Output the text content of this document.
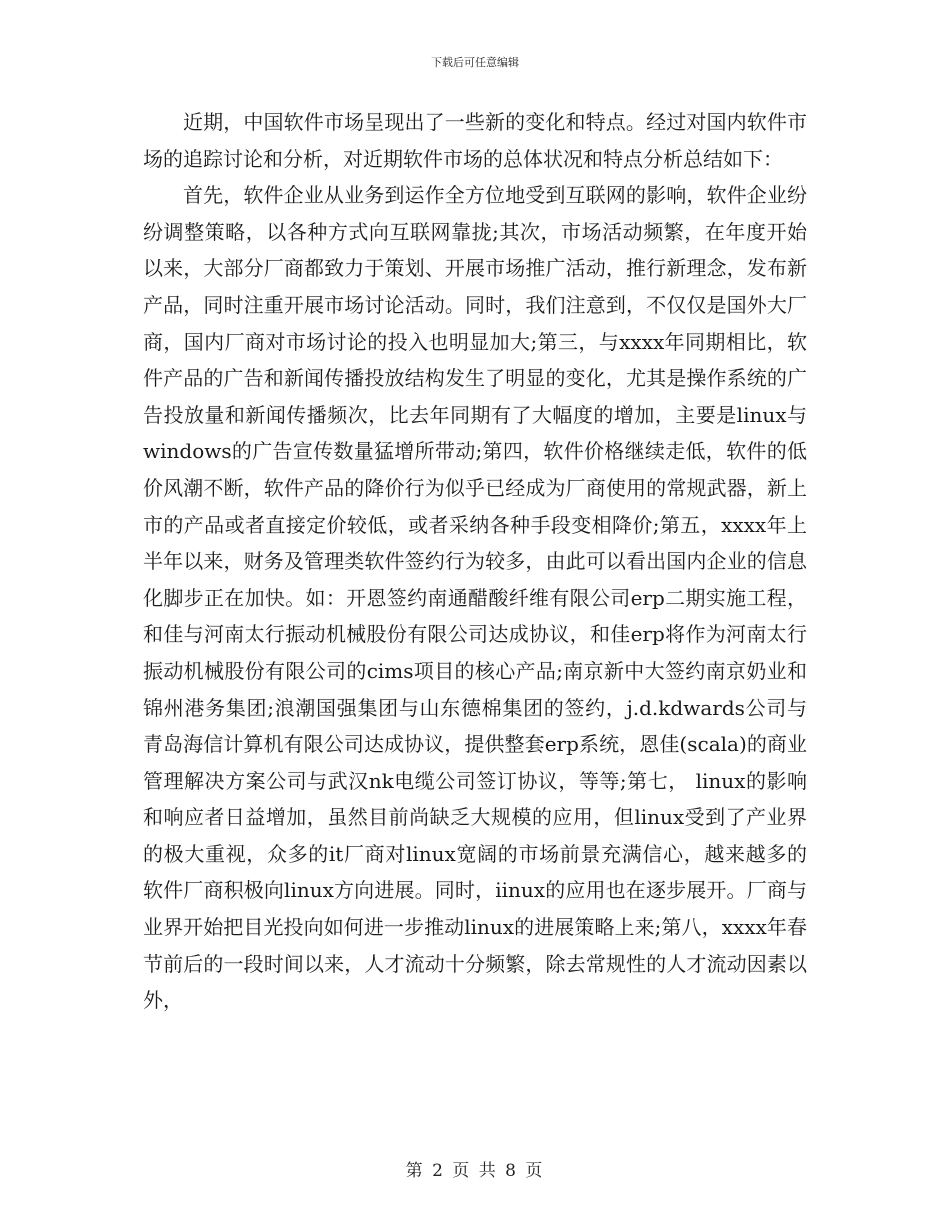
下载后可任意编辑

近期，中国软件市场呈现出了一些新的变化和特点。经过对国内软件市场的追踪讨论和分析，对近期软件市场的总体状况和特点分析总结如下：

首先，软件企业从业务到运作全方位地受到互联网的影响，软件企业纷纷调整策略，以各种方式向互联网靠拢;其次，市场活动频繁，在年度开始以来，大部分厂商都致力于策划、开展市场推广活动，推行新理念，发布新产品，同时注重开展市场讨论活动。同时，我们注意到，不仅仅是国外大厂商，国内厂商对市场讨论的投入也明显加大;第三，与xxxx年同期相比，软件产品的广告和新闻传播投放结构发生了明显的变化，尤其是操作系统的广告投放量和新闻传播频次，比去年同期有了大幅度的增加，主要是linux与windows的广告宣传数量猛增所带动;第四，软件价格继续走低，软件的低价风潮不断，软件产品的降价行为似乎已经成为厂商使用的常规武器，新上市的产品或者直接定价较低，或者采纳各种手段变相降价;第五，xxxx年上半年以来，财务及管理类软件签约行为较多，由此可以看出国内企业的信息化脚步正在加快。如：开恩签约南通醋酸纤维有限公司erp二期实施工程，和佳与河南太行振动机械股份有限公司达成协议，和佳erp将作为河南太行振动机械股份有限公司的cims项目的核心产品;南京新中大签约南京奶业和锦州港务集团;浪潮国强集团与山东德棉集团的签约，j.d.kdwards公司与青岛海信计算机有限公司达成协议，提供整套erp系统，恩佳(scala)的商业管理解决方案公司与武汉nk电缆公司签订协议，等等;第七， linux的影响和响应者日益增加，虽然目前尚缺乏大规模的应用，但linux受到了产业界的极大重视，众多的it厂商对linux宽阔的市场前景充满信心，越来越多的软件厂商积极向linux方向进展。同时，iinux的应用也在逐步展开。厂商与业界开始把目光投向如何进一步推动linux的进展策略上来;第八，xxxx年春节前后的一段时间以来，人才流动十分频繁，除去常规性的人才流动因素以外，

第 2 页 共 8 页
